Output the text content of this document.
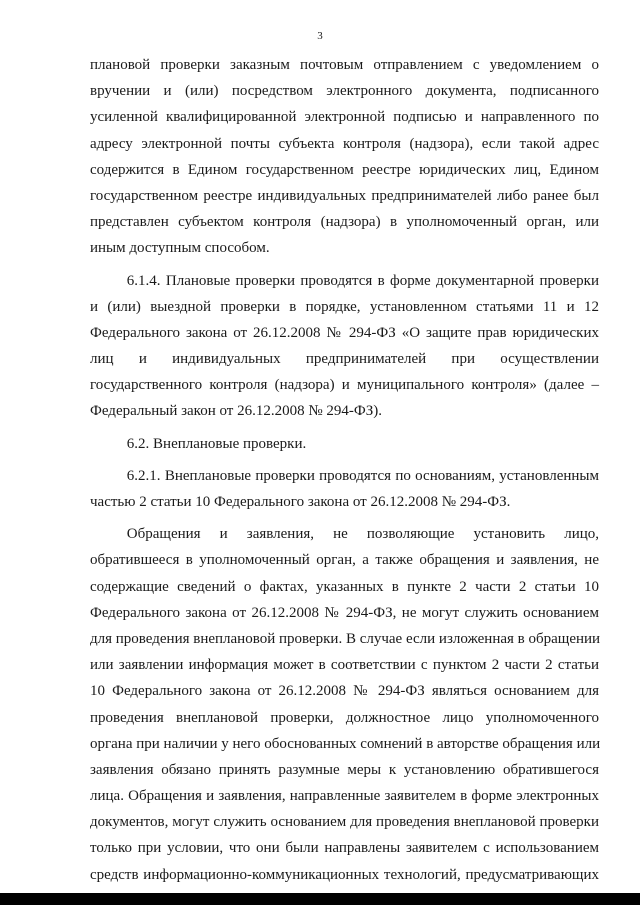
3
плановой проверки заказным почтовым отправлением с уведомлением о
вручении и (или) посредством электронного документа, подписанного
усиленной квалифицированной электронной подписью и направленного по
адресу электронной почты субъекта контроля (надзора), если такой адрес
содержится в Едином государственном реестре юридических лиц, Едином
государственном реестре индивидуальных предпринимателей либо ранее был
представлен субъектом контроля (надзора) в уполномоченный орган, или
иным доступным способом.
6.1.4. Плановые проверки проводятся в форме документарной проверки
и (или) выездной проверки в порядке, установленном статьями 11 и 12
Федерального закона от 26.12.2008 № 294-ФЗ «О защите прав юридических
лиц и индивидуальных предпринимателей при осуществлении
государственного контроля (надзора) и муниципального контроля» (далее –
Федеральный закон от 26.12.2008 № 294-ФЗ).
6.2. Внеплановые проверки.
6.2.1. Внеплановые проверки проводятся по основаниям, установленным
частью 2 статьи 10 Федерального закона от 26.12.2008 № 294-ФЗ.
Обращения и заявления, не позволяющие установить лицо,
обратившееся в уполномоченный орган, а также обращения и заявления, не
содержащие сведений о фактах, указанных в пункте 2 части 2 статьи 10
Федерального закона от 26.12.2008 № 294-ФЗ, не могут служить основанием
для проведения внеплановой проверки. В случае если изложенная в обращении
или заявлении информация может в соответствии с пунктом 2 части 2 статьи
10 Федерального закона от 26.12.2008 № 294-ФЗ являться основанием для
проведения внеплановой проверки, должностное лицо уполномоченного
органа при наличии у него обоснованных сомнений в авторстве обращения или
заявления обязано принять разумные меры к установлению обратившегося
лица. Обращения и заявления, направленные заявителем в форме электронных
документов, могут служить основанием для проведения внеплановой проверки
только при условии, что они были направлены заявителем с использованием
средств информационно-коммуникационных технологий, предусматривающих
